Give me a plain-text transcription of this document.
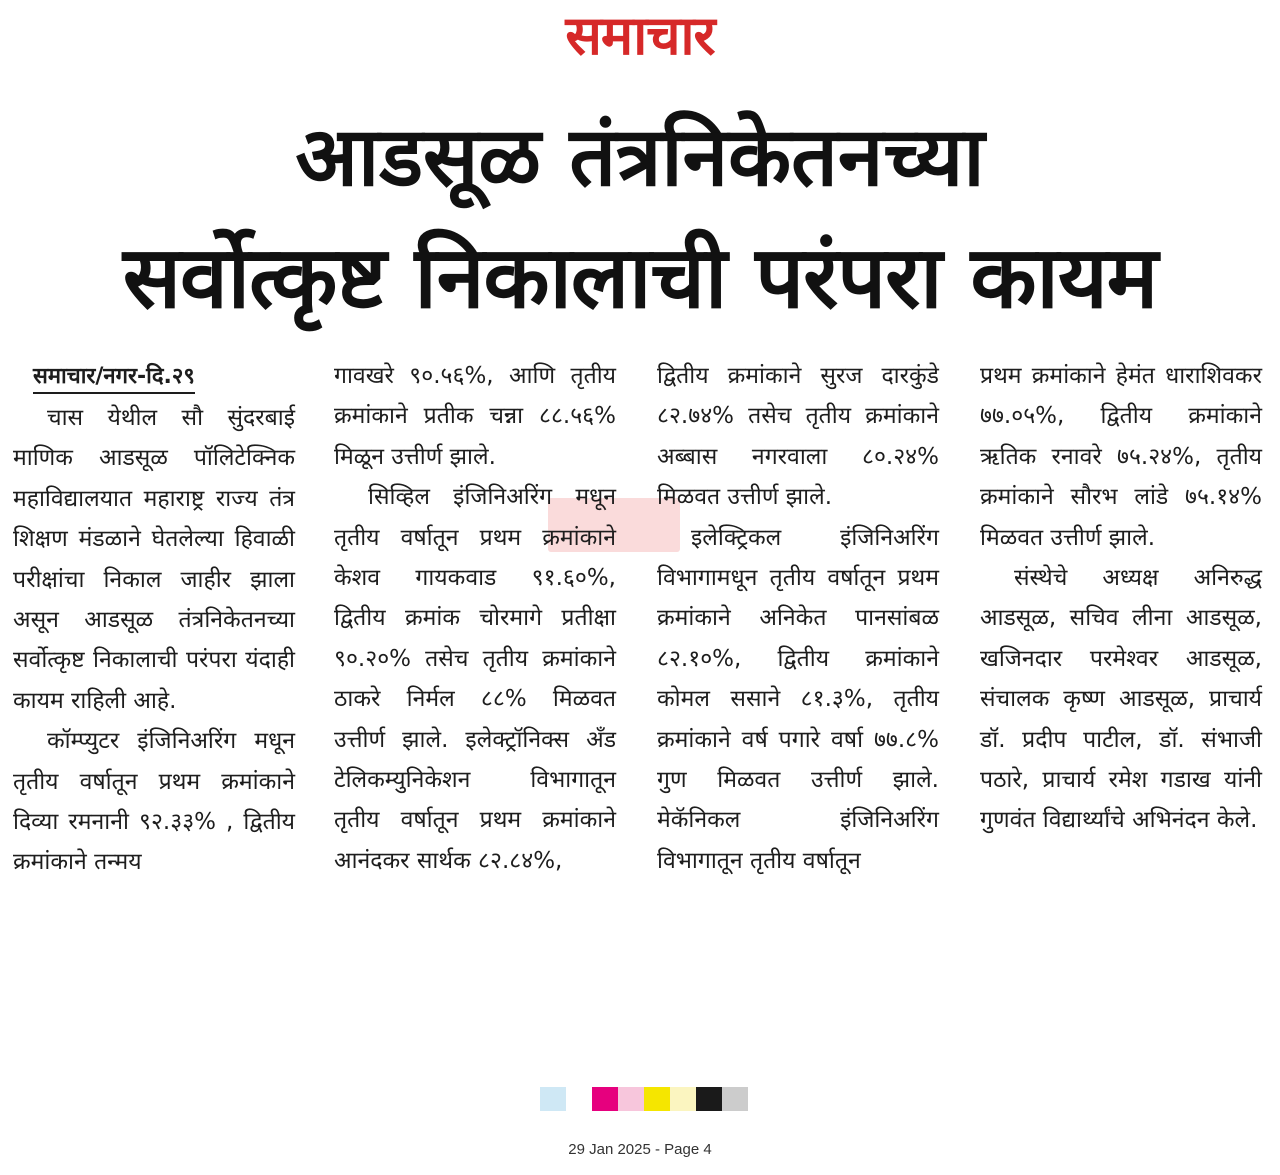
समाचार
आडसूळ तंत्रनिकेतनच्या
सर्वोत्कृष्ट निकालाची परंपरा कायम
समाचार/नगर-दि.२९

चास येथील सौ सुंदरबाई माणिक आडसूळ पॉलिटेक्निक महाविद्यालयात महाराष्ट्र राज्य तंत्र शिक्षण मंडळाने घेतलेल्या हिवाळी परीक्षांचा निकाल जाहीर झाला असून आडसूळ तंत्रनिकेतनच्या सर्वोत्कृष्ट निकालाची परंपरा यंदाही कायम राहिली आहे.

कॉम्प्युटर इंजिनिअरिंग मधून तृतीय वर्षातून प्रथम क्रमांकाने दिव्या रमनानी ९२.३३% , द्वितीय क्रमांकाने तन्मय

गावखरे ९०.५६%, आणि तृतीय क्रमांकाने प्रतीक चन्ना ८८.५६% मिळून उत्तीर्ण झाले.

सिव्हिल इंजिनिअरिंग मधून तृतीय वर्षातून प्रथम क्रमांकाने केशव गायकवाड ९१.६०%, द्वितीय क्रमांक चोरमागे प्रतीक्षा ९०.२०% तसेच तृतीय क्रमांकाने ठाकरे निर्मल ८८% मिळवत उत्तीर्ण झाले. इलेक्ट्रॉनिक्स अँड टेलिकम्युनिकेशन विभागातून तृतीय वर्षातून प्रथम क्रमांकाने आनंदकर सार्थक ८२.८४%,

द्वितीय क्रमांकाने सुरज दारकुंडे ८२.७४% तसेच तृतीय क्रमांकाने अब्बास नगरवाला ८०.२४% मिळवत उत्तीर्ण झाले.

इलेक्ट्रिकल इंजिनिअरिंग विभागामधून तृतीय वर्षातून प्रथम क्रमांकाने अनिकेत पानसांबळ ८२.१०%, द्वितीय क्रमांकाने कोमल ससाने ८१.३%, तृतीय क्रमांकाने वर्ष पगारे वर्षा ७७.८% गुण मिळवत उत्तीर्ण झाले. मेकॅनिकल इंजिनिअरिंग विभागातून तृतीय वर्षातून

प्रथम क्रमांकाने हेमंत धाराशिवकर ७७.०५%, द्वितीय क्रमांकाने ऋतिक रनावरे ७५.२४%, तृतीय क्रमांकाने सौरभ लांडे ७५.१४% मिळवत उत्तीर्ण झाले.

संस्थेचे अध्यक्ष अनिरुद्ध आडसूळ, सचिव लीना आडसूळ, खजिनदार परमेश्वर आडसूळ, संचालक कृष्ण आडसूळ, प्राचार्य डॉ. प्रदीप पाटील, डॉ. संभाजी पठारे, प्राचार्य रमेश गडाख यांनी गुणवंत विद्यार्थ्यांचे अभिनंदन केले.

29 Jan 2025 - Page 4
